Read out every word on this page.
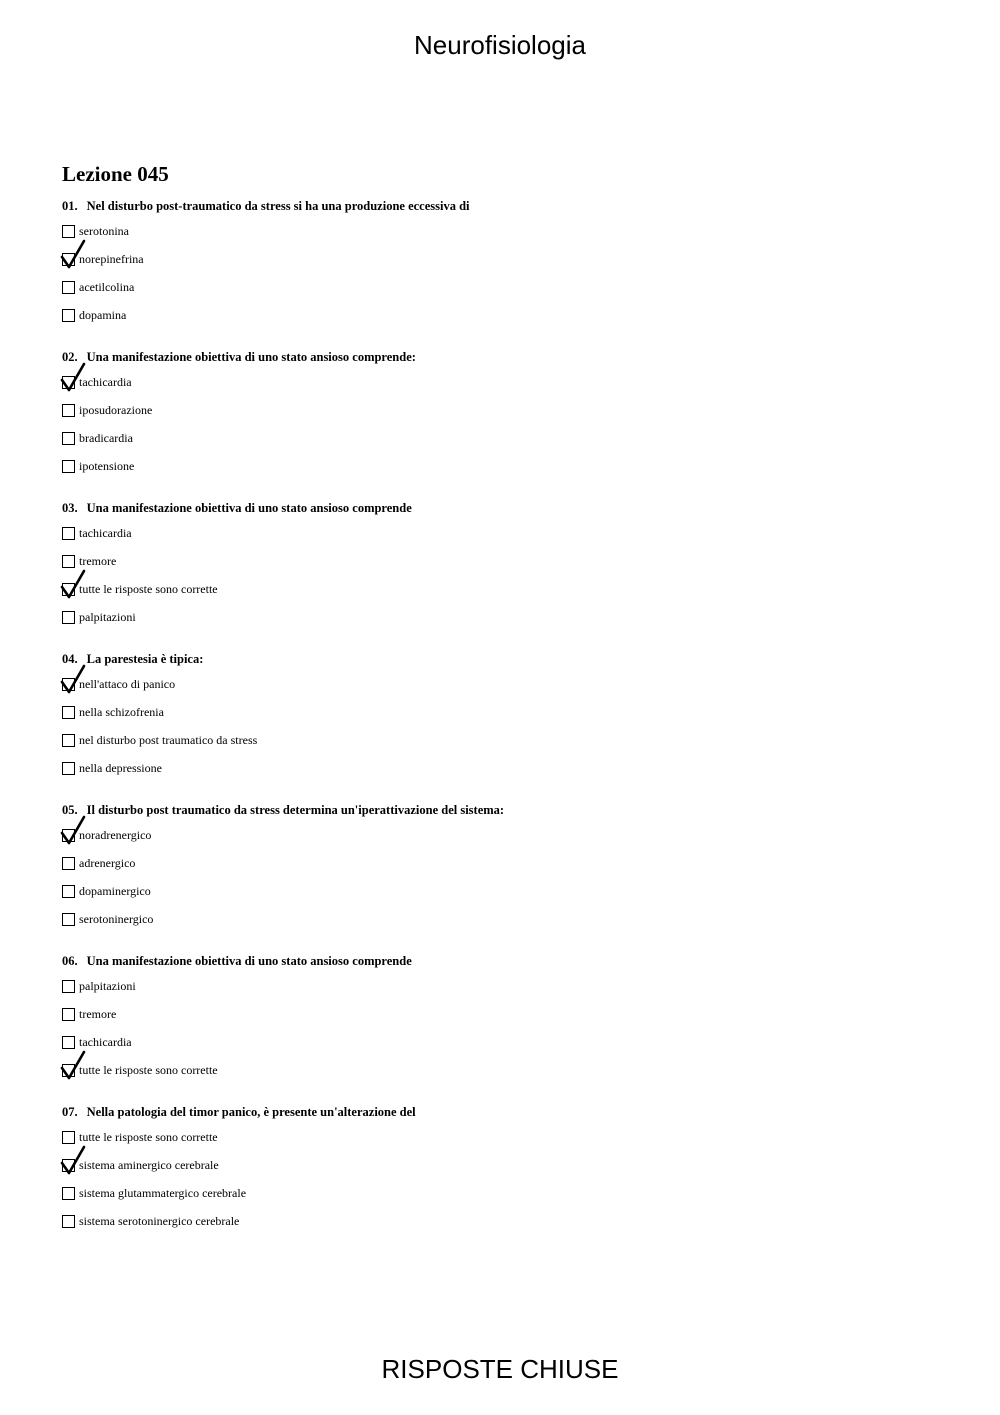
Neurofisiologia
Lezione 045
01. Nel disturbo post-traumatico da stress si ha una produzione eccessiva di
serotonina
norepinefrina
acetilcolina
dopamina
02. Una manifestazione obiettiva di uno stato ansioso comprende:
tachicardia
iposudorazione
bradicardia
ipotensione
03. Una manifestazione obiettiva di uno stato ansioso comprende
tachicardia
tremore
tutte le risposte sono corrette
palpitazioni
04. La parestesia è tipica:
nell'attaco di panico
nella schizofrenia
nel disturbo post traumatico da stress
nella depressione
05. Il disturbo post traumatico da stress determina un'iperattivazione del sistema:
noradrenergico
adrenergico
dopaminergico
serotoninergico
06. Una manifestazione obiettiva di uno stato ansioso comprende
palpitazioni
tremore
tachicardia
tutte le risposte sono corrette
07. Nella patologia del timor panico, è presente un'alterazione del
tutte le risposte sono corrette
sistema aminergico cerebrale
sistema glutammatergico cerebrale
sistema serotoninergico cerebrale
RISPOSTE CHIUSE
